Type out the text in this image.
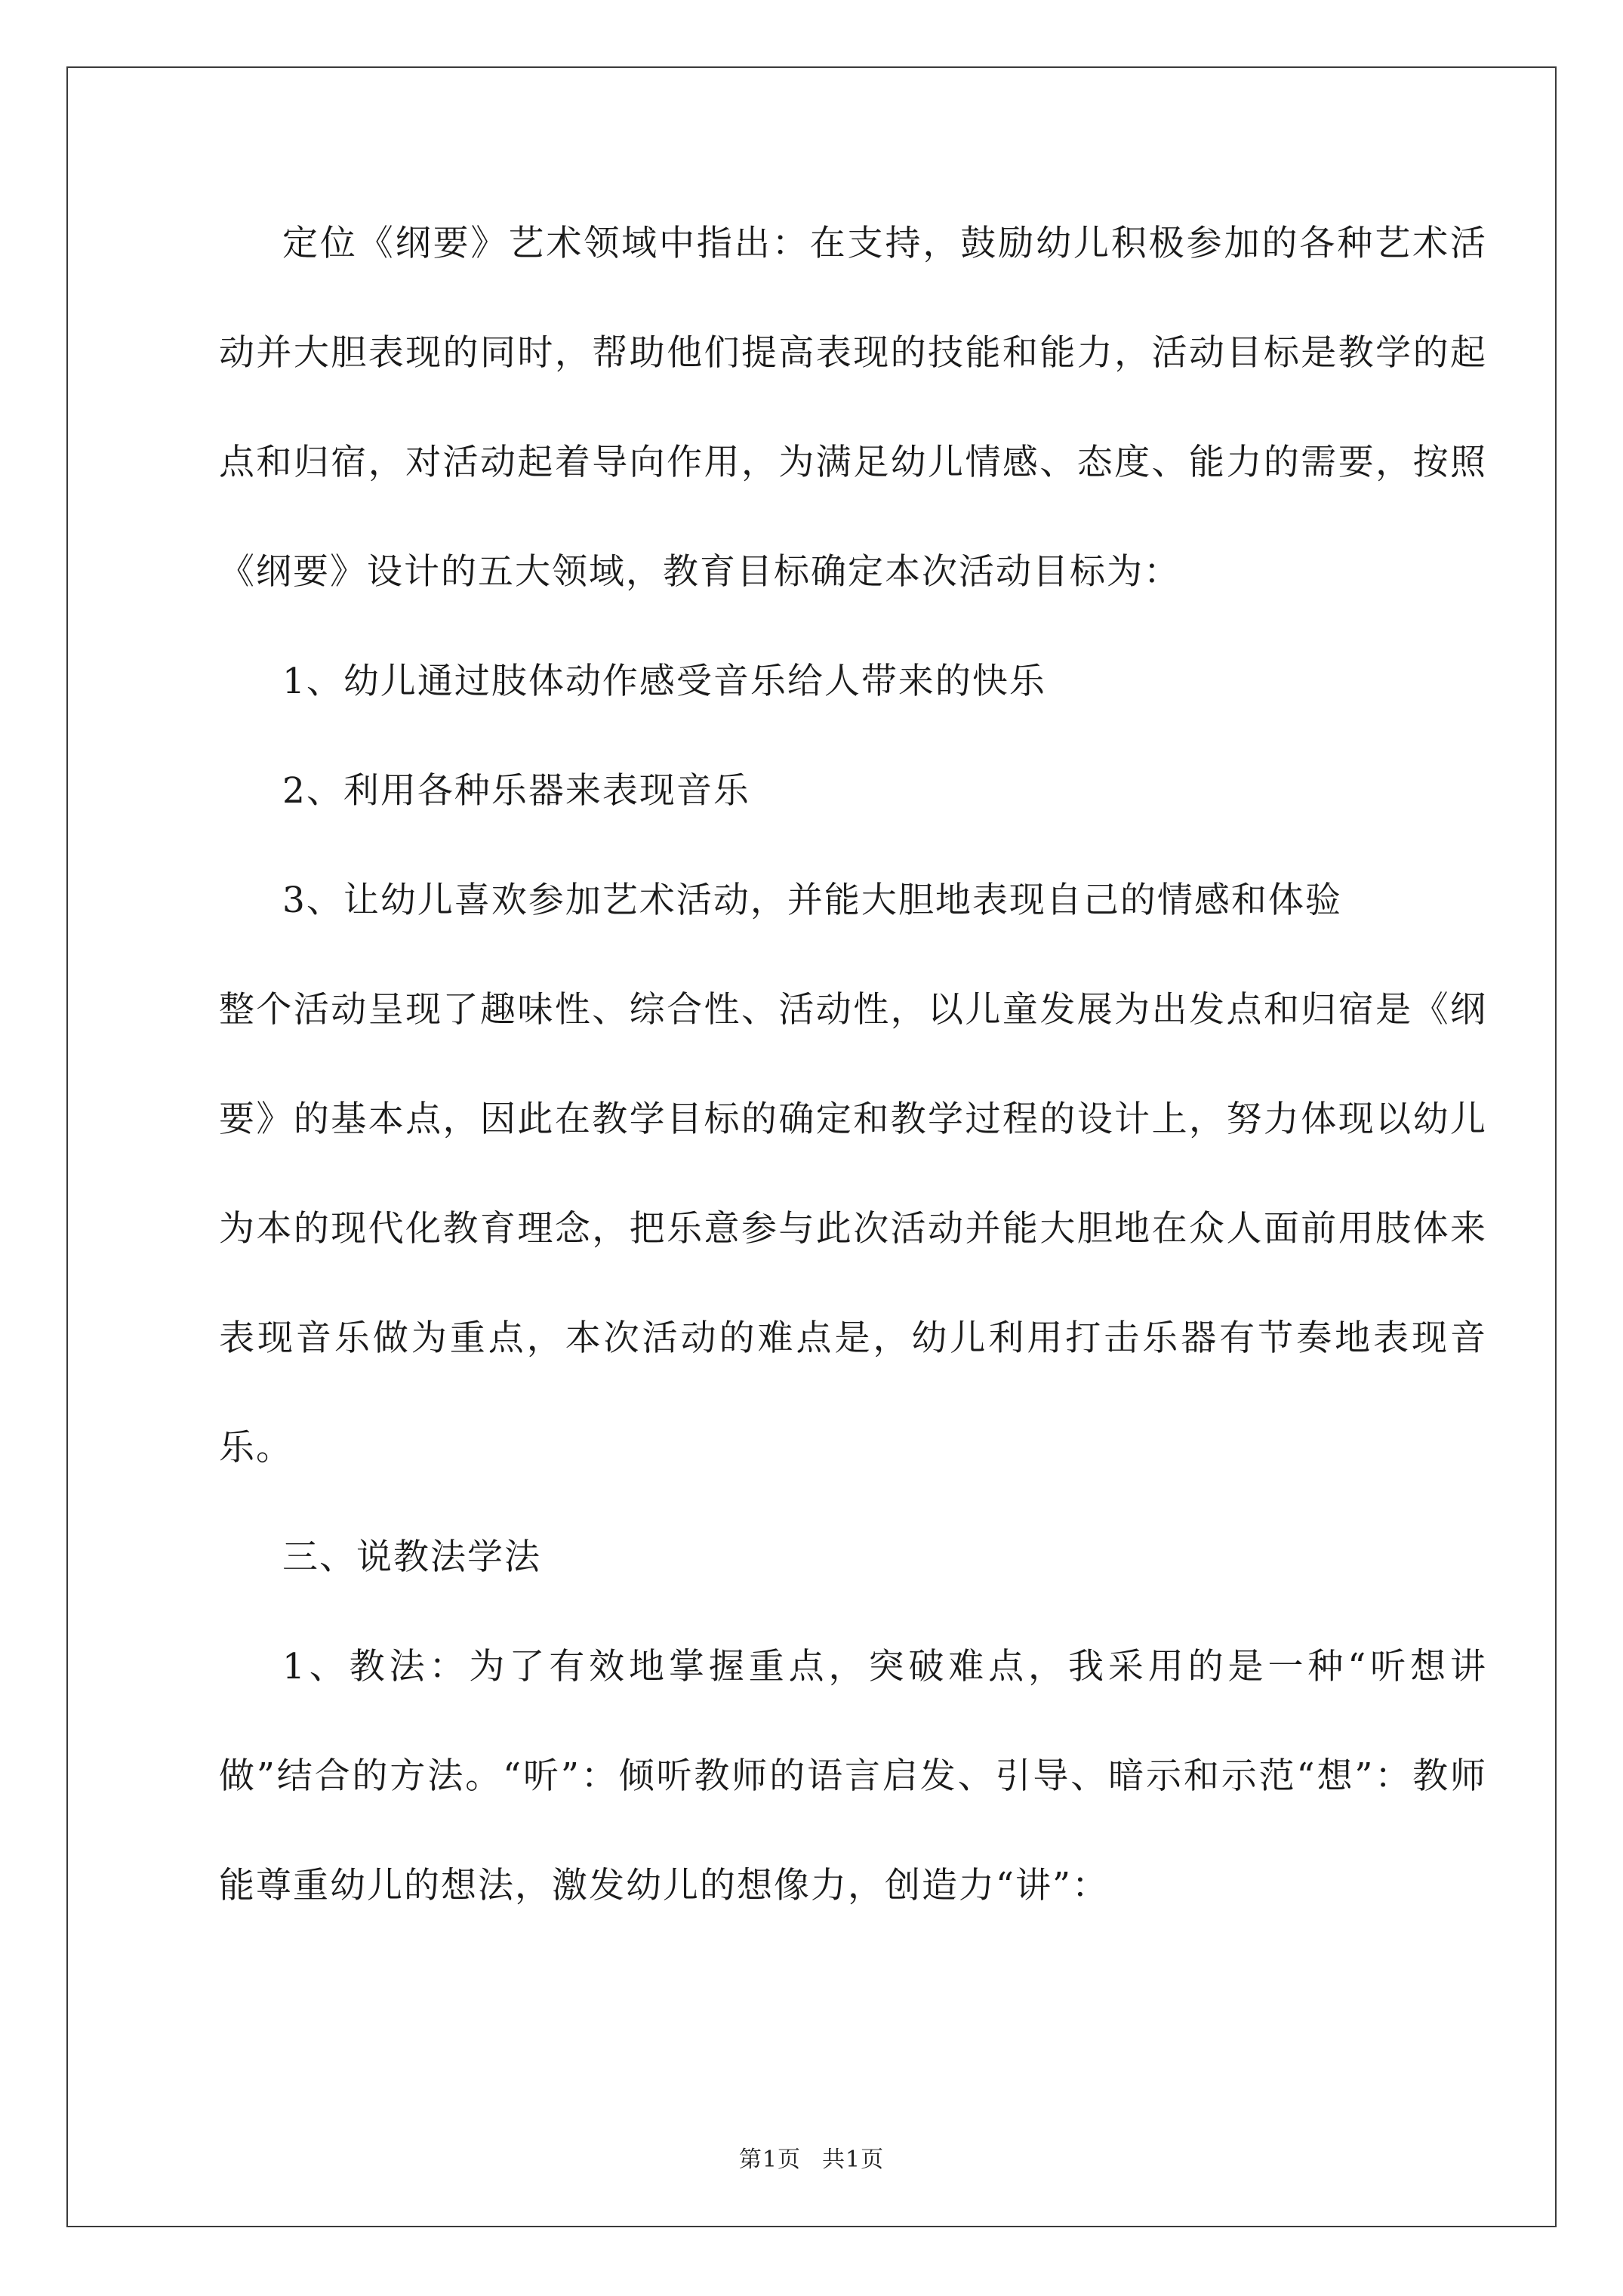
定位《纲要》艺术领域中指出：在支持，鼓励幼儿积极参加的各种艺术活动并大胆表现的同时，帮助他们提高表现的技能和能力，活动目标是教学的起点和归宿，对活动起着导向作用，为满足幼儿情感、态度、能力的需要，按照《纲要》设计的五大领域，教育目标确定本次活动目标为：

1、幼儿通过肢体动作感受音乐给人带来的快乐

2、利用各种乐器来表现音乐

3、让幼儿喜欢参加艺术活动，并能大胆地表现自己的情感和体验

整个活动呈现了趣味性、综合性、活动性，以儿童发展为出发点和归宿是《纲要》的基本点，因此在教学目标的确定和教学过程的设计上，努力体现以幼儿为本的现代化教育理念，把乐意参与此次活动并能大胆地在众人面前用肢体来表现音乐做为重点，本次活动的难点是，幼儿利用打击乐器有节奏地表现音乐。

三、说教法学法

1、教法：为了有效地掌握重点，突破难点，我采用的是一种“听想讲做”结合的方法。“听”：倾听教师的语言启发、引导、暗示和示范“想”：教师能尊重幼儿的想法，激发幼儿的想像力，创造力“讲”：

第1页 共1页
